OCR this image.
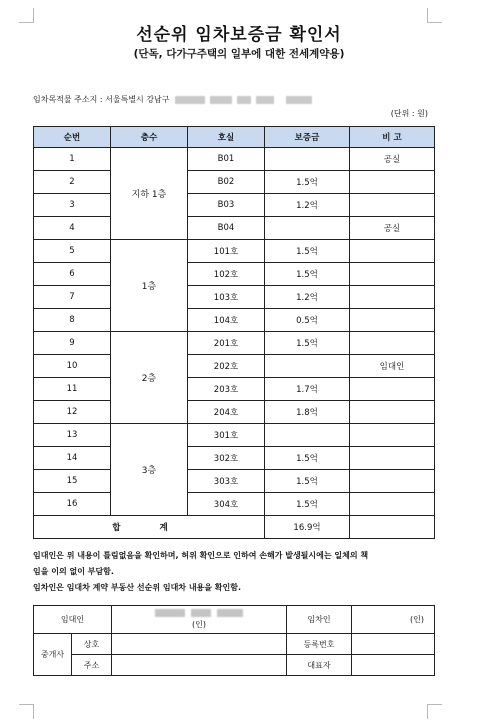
선순위 임차보증금 확인서
(단독, 다가구주택의 일부에 대한 전세계약용)
임차목적물 주소지 : 서울특별시 강남구
(단위 : 원)
순번	층수	호실	보증금	비 고
1	지하 1층	B01		공실
2		B02	1.5억	
3		B03	1.2억	
4		B04		공실
5	1층	101호	1.5억	
6		102호	1.5억	
7		103호	1.2억	
8		104호	0.5억	
9	2층	201호	1.5억	
10		202호		임대인
11		203호	1.7억	
12		204호	1.8억	
13	3층	301호		
14		302호	1.5억	
15		303호	1.5억	
16		304호	1.5억	
합 계			16.9억	

임대인은 위 내용이 틀림없음을 확인하며, 허위 확인으로 인하여 손해가 발생될시에는 일체의 책

임을 이의 없이 부담함.

임차인은 임대차 계약 부동산 선순위 임대차 내용을 확인함.

임대인		(인)	임차인	(인)
중개사	상호		등록번호	
	주소		대표자	
